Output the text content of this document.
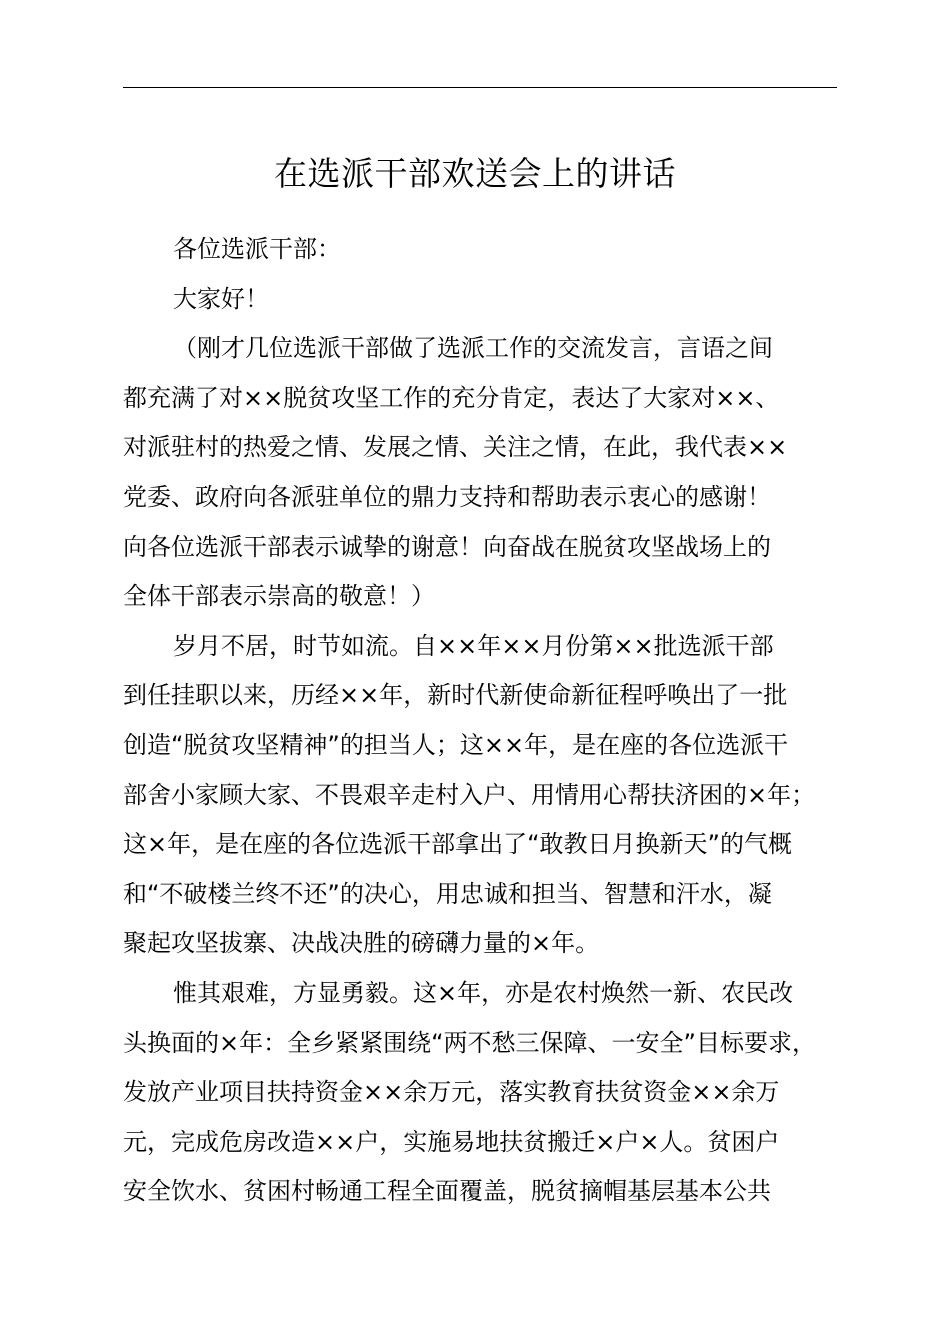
在选派干部欢送会上的讲话
各位选派干部：
大家好！
（刚才几位选派干部做了选派工作的交流发言，言语之间
都充满了对××脱贫攻坚工作的充分肯定，表达了大家对××、
对派驻村的热爱之情、发展之情、关注之情，在此，我代表××
党委、政府向各派驻单位的鼎力支持和帮助表示衷心的感谢！
向各位选派干部表示诚挚的谢意！向奋战在脱贫攻坚战场上的
全体干部表示崇高的敬意！）
岁月不居，时节如流。自××年××月份第××批选派干部
到任挂职以来，历经××年，新时代新使命新征程呼唤出了一批
创造“脱贫攻坚精神”的担当人；这××年，是在座的各位选派干
部舍小家顾大家、不畏艰辛走村入户、用情用心帮扶济困的×年；
这×年，是在座的各位选派干部拿出了“敢教日月换新天”的气概
和“不破楼兰终不还”的决心，用忠诚和担当、智慧和汗水，凝
聚起攻坚拔寨、决战决胜的磅礴力量的×年。
惟其艰难，方显勇毅。这×年，亦是农村焕然一新、农民改
头换面的×年：全乡紧紧围绕“两不愁三保障、一安全”目标要求，
发放产业项目扶持资金××余万元，落实教育扶贫资金××余万
元，完成危房改造××户，实施易地扶贫搬迁×户×人。贫困户
安全饮水、贫困村畅通工程全面覆盖，脱贫摘帽基层基本公共
